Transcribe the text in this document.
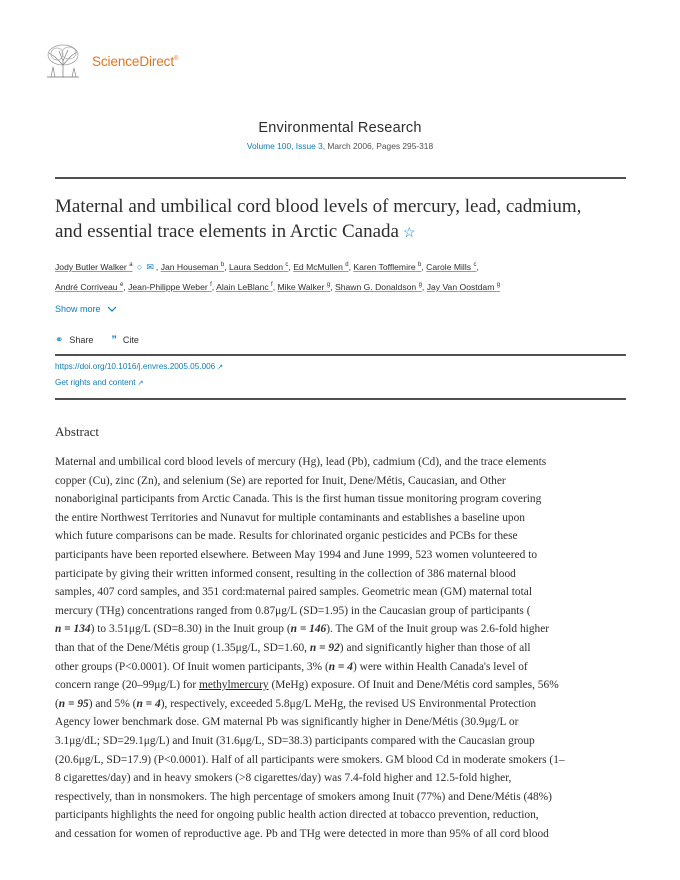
ScienceDirect®
Environmental Research
Volume 100, Issue 3, March 2006, Pages 295-318
Maternal and umbilical cord blood levels of mercury, lead, cadmium,
and essential trace elements in Arctic Canada ☆
Jody Butler Walker $^a$ ○ ✉ , Jan Houseman $^b$, Laura Seddon $^c$, Ed McMullen $^d$, Karen Tofflemire $^b$, Carole Mills $^c$,
André Corriveau $^e$, Jean-Philippe Weber $^f$, Alain LeBlanc $^f$, Mike Walker $^g$, Shawn G. Donaldson $^g$, Jay Van Oostdam $^g$
Show more
⚭ Share ” Cite
https://doi.org/10.1016/j.envres.2005.05.006 ↗
Get rights and content ↗
Abstract
Maternal and umbilical cord blood levels of mercury (Hg), lead (Pb), cadmium (Cd), and the trace elements
copper (Cu), zinc (Zn), and selenium (Se) are reported for Inuit, Dene/Métis, Caucasian, and Other
nonaboriginal participants from Arctic Canada. This is the first human tissue monitoring program covering
the entire Northwest Territories and Nunavut for multiple contaminants and establishes a baseline upon
which future comparisons can be made. Results for chlorinated organic pesticides and PCBs for these
participants have been reported elsewhere. Between May 1994 and June 1999, 523 women volunteered to
participate by giving their written informed consent, resulting in the collection of 386 maternal blood
samples, 407 cord samples, and 351 cord:maternal paired samples. Geometric mean (GM) maternal total
mercury (THg) concentrations ranged from 0.87μg/L (SD=1.95) in the Caucasian group of participants (
n = 134) to 3.51μg/L (SD=8.30) in the Inuit group (n = 146). The GM of the Inuit group was 2.6-fold higher
than that of the Dene/Métis group (1.35μg/L, SD=1.60, n = 92) and significantly higher than those of all
other groups (P<0.0001). Of Inuit women participants, 3% (n = 4) were within Health Canada's level of
concern range (20–99μg/L) for methylmercury (MeHg) exposure. Of Inuit and Dene/Métis cord samples, 56%
(n = 95) and 5% (n = 4), respectively, exceeded 5.8μg/L MeHg, the revised US Environmental Protection
Agency lower benchmark dose. GM maternal Pb was significantly higher in Dene/Métis (30.9μg/L or
3.1μg/dL; SD=29.1μg/L) and Inuit (31.6μg/L, SD=38.3) participants compared with the Caucasian group
(20.6μg/L, SD=17.9) (P<0.0001). Half of all participants were smokers. GM blood Cd in moderate smokers (1–
8 cigarettes/day) and in heavy smokers (>8 cigarettes/day) was 7.4-fold higher and 12.5-fold higher,
respectively, than in nonsmokers. The high percentage of smokers among Inuit (77%) and Dene/Métis (48%)
participants highlights the need for ongoing public health action directed at tobacco prevention, reduction,
and cessation for women of reproductive age. Pb and THg were detected in more than 95% of all cord blood
